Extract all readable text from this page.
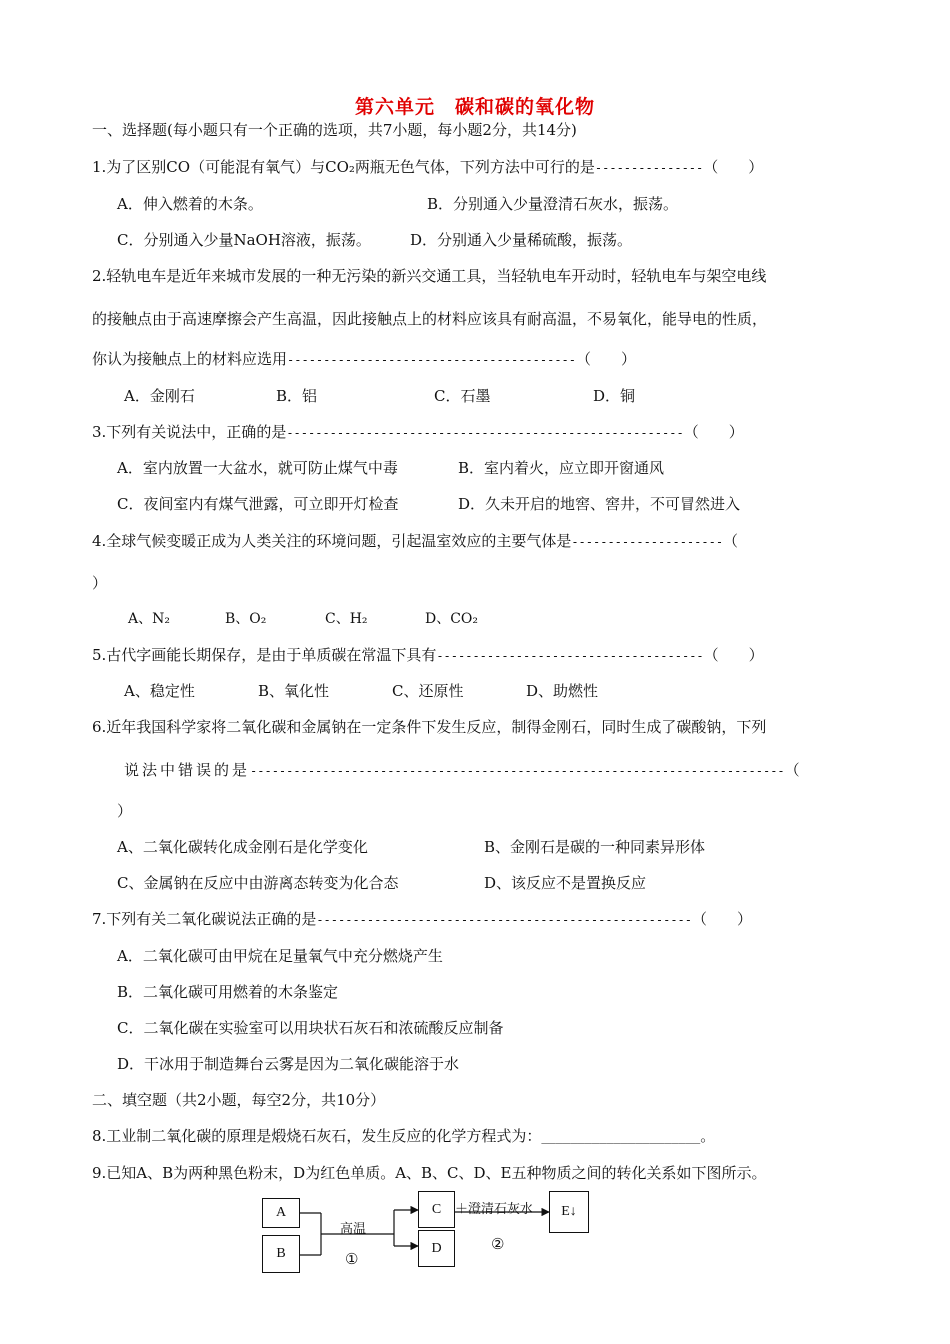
第六单元　碳和碳的氧化物
一、选择题(每小题只有一个正确的选项，共7小题，每小题2分，共14分)
1.为了区别CO（可能混有氧气）与CO₂两瓶无色气体，下列方法中可行的是---------------（　　）
A．伸入燃着的木条。	B．分别通入少量澄清石灰水，振荡。
C．分别通入少量NaOH溶液，振荡。	D．分别通入少量稀硫酸，振荡。
2.轻轨电车是近年来城市发展的一种无污染的新兴交通工具，当轻轨电车开动时，轻轨电车与架空电线
的接触点由于高速摩擦会产生高温，因此接触点上的材料应该具有耐高温，不易氧化，能导电的性质，
你认为接触点上的材料应选用----------------------------------------（　　）
A．金刚石	B．铝	C．石墨	D．铜
3.下列有关说法中，正确的是-------------------------------------------------------（　　）
A．室内放置一大盆水，就可防止煤气中毒	B．室内着火，应立即开窗通风
C．夜间室内有煤气泄露，可立即开灯检查	D．久未开启的地窖、窖井，不可冒然进入
4.全球气候变暖正成为人类关注的环境问题，引起温室效应的主要气体是---------------------（
）
A、N₂	B、O₂	C、H₂	D、CO₂
5.古代字画能长期保存，是由于单质碳在常温下具有-------------------------------------（　　）
A、稳定性	B、氧化性	C、还原性	D、助燃性
6.近年我国科学家将二氧化碳和金属钠在一定条件下发生反应，制得金刚石，同时生成了碳酸钠，下列
说法中错误的是--------------------------------------------------------------------------（
）
A、二氧化碳转化成金刚石是化学变化	B、金刚石是碳的一种同素异形体
C、金属钠在反应中由游离态转变为化合态	D、该反应不是置换反应
7.下列有关二氧化碳说法正确的是----------------------------------------------------（　　）
A．二氧化碳可由甲烷在足量氧气中充分燃烧产生
B．二氧化碳可用燃着的木条鉴定
C．二氧化碳在实验室可以用块状石灰石和浓硫酸反应制备
D．干冰用于制造舞台云雾是因为二氧化碳能溶于水
二、填空题（共2小题，每空2分，共10分）
8.工业制二氧化碳的原理是煅烧石灰石，发生反应的化学方程式为：______________________。
9.已知A、B为两种黑色粉末，D为红色单质。A、B、C、D、E五种物质之间的转化关系如下图所示。
A
B
C
D
E↓
高温
①
＋澄清石灰水
②
